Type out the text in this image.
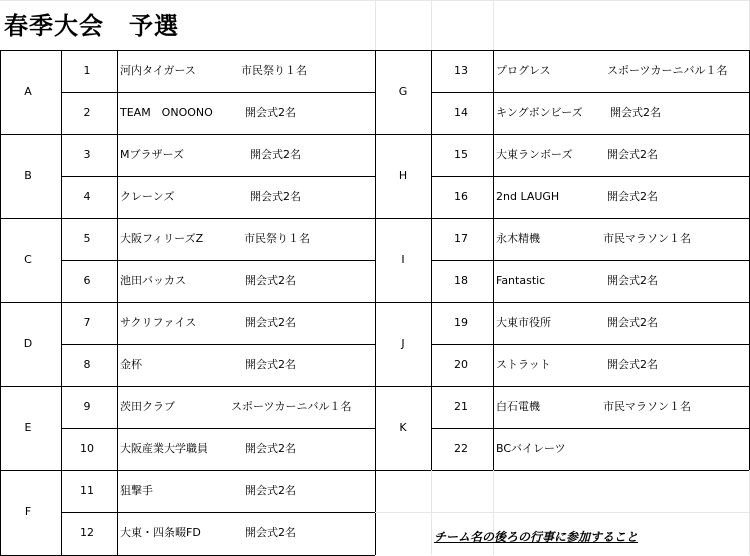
春季大会　予選
A
1	河内タイガース	市民祭り１名
2	TEAM　ONOONO	開会式2名
B
3	Mブラザーズ	開会式2名
4	クレーンズ	開会式2名
C
5	大阪フィリーズZ	市民祭り１名
6	池田バッカス	開会式2名
D
7	サクリファイス	開会式2名
8	金杯	開会式2名
E
9	茨田クラブ	スポーツカーニバル１名
10	大阪産業大学職員	開会式2名
F
11	狙撃手	開会式2名
12	大東・四条畷FD	開会式2名
G
13	プログレス	スポーツカーニバル１名
14	キングボンビーズ 開会式2名
H
15	大東ランボーズ	開会式2名
16	2nd LAUGH	開会式2名
I
17	永木精機	市民マラソン１名
18	Fantastic	開会式2名
J
19	大東市役所	開会式2名
20	ストラット	開会式2名
K
21	白石電機	市民マラソン１名
22	BCバイレーツ
チーム名の後ろの行事に参加すること
